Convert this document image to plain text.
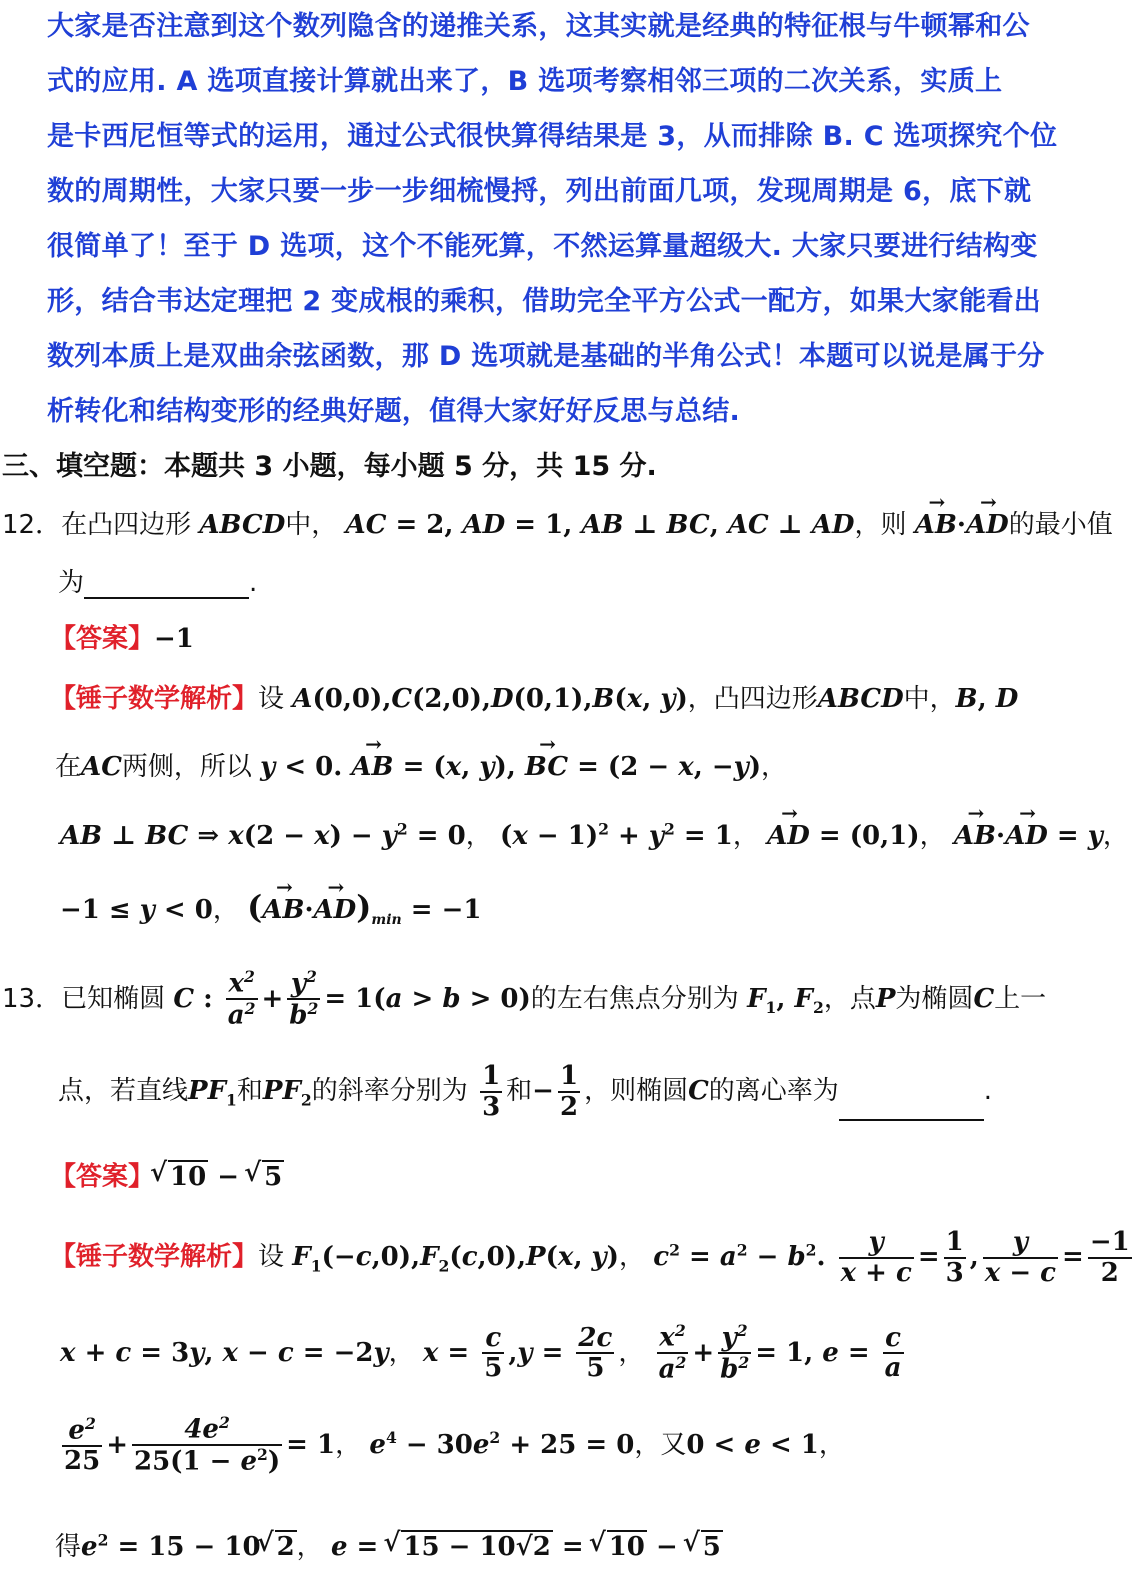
大家是否注意到这个数列隐含的递推关系，这其实就是经典的特征根与牛顿幂和公
式的应用. A 选项直接计算就出来了，B 选项考察相邻三项的二次关系，实质上
是卡西尼恒等式的运用，通过公式很快算得结果是 3，从而排除 B. C 选项探究个位
数的周期性，大家只要一步一步细梳慢捋，列出前面几项，发现周期是 6，底下就
很简单了！至于 D 选项，这个不能死算，不然运算量超级大. 大家只要进行结构变
形，结合韦达定理把 2 变成根的乘积，借助完全平方公式一配方，如果大家能看出
数列本质上是双曲余弦函数，那 D 选项就是基础的半角公式！本题可以说是属于分
析转化和结构变形的经典好题，值得大家好好反思与总结.
三、填空题：本题共 3 小题，每小题 5 分，共 15 分.
12．在凸四边形 ABCD中， AC = 2, AD = 1, AB ⊥ BC, AC ⊥ AD，则 → AB·→ AD的最小值
为	.
【答案】−1
【锤子数学解析】设 A(0,0),C(2,0),D(0,1),B(x, y)，凸四边形ABCD中，B, D
在AC两侧，所以 y < 0. → AB = (x, y), → BC = (2 − x, −y)，
AB ⊥ BC ⇒ $x(2 - x) - y^2 = 0$， $(x - 1)^2 + y^2 = 1$， → AD = (0,1)， → AB·→ AD = y，
−1 ≤ y < 0， (→ $AB\cdot\to AD)_{min} = -1$
13．已知椭圆 C : $\frac{x^2}{a^2} + \frac{y^2}{b^2} = 1(a > b > 0)$的左右焦点分别为 $F_1$, $F_2$，点P为椭圆C上一
点，若直线$PF_1$和$PF_2$的斜率分别为 $\frac{1}{3}$ 和− $\frac{1}{2}$ ，则椭圆C的离心率为	.
【答案】√ 10 − √ 5
【锤子数学解析】设 $F_1(-c,0),F_2(c,0),P(x$, y)， $c^2 = a^2 - b^2$. $\frac{y}{x + c} = \frac{1}{3}$ , $\frac{y}{x - c} = \frac{-1}{2}$
x + c = 3y, x − c = −2y， $x = \frac{c}{5} ,y = \frac{2c}{5}$ ， $\frac{x^2}{a^2} + \frac{y^2}{b^2} = 1$, $e = \frac{c}{a}$
$\frac{e^2}{25} + \frac{4e^2}{25(1 - e^2)} = 1$， $e^4 - 30e^2 + 25 = 0$，又0 < e < 1，
得$e^2 = 15 - 10√$ 2， e = √ 15 − 10√2 = √ 10 − √ 5
